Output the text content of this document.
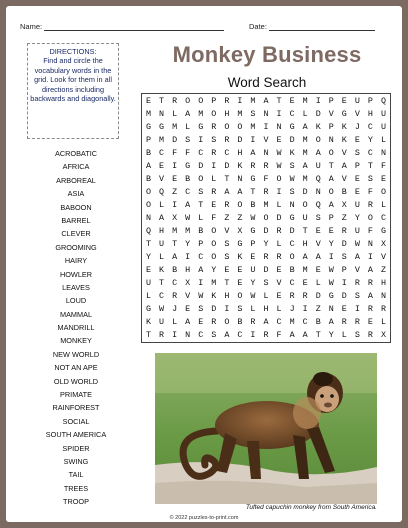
Name:	Date:
DIRECTIONS:
Find and circle the vocabulary words in the grid. Look for them in all directions including backwards and diagonally.
Monkey Business
Word Search
ACROBATIC
AFRICA
ARBOREAL
ASIA
BABOON
BARREL
CLEVER
GROOMING
HAIRY
HOWLER
LEAVES
LOUD
MAMMAL
MANDRILL
MONKEY
NEW WORLD
NOT AN APE
OLD WORLD
PRIMATE
RAINFOREST
SOCIAL
SOUTH AMERICA
SPIDER
SWING
TAIL
TREES
TROOP
E T R O O P R I M A T E M I P E U P Q
M N L A M O H M S N I C L D V G V H U
G G M L G R O O M I N G A K P K J C U
P M D S I S R D I V E D M O N K E Y L
B C F F C R C H A N W K M A O V S C N
A E I G D I D K R R W S A U T A P T F
B V E B O L T N G F O W M Q A V E S E
O Q Z C S R A A T R I S D N O B E F O
O L I A T E R O B M L N O Q A X U R L
N A X W L F Z Z W O D G U S P Z Y O C
Q H M M B O V X G D R D T E E R U F G
T U T Y P O S G P Y L C H V Y D W N X
Y L A I C O S K E R R O A A I S A I V
E K B H A Y E E U D E B M E W P V A Z
U T C X I M T E Y S V C E L W I R R H
L C R V W K H O W L E R R D G D S A N
G W J E S D I S L H L J I Z N E I R R
K U L A E R O B R A C M C B A R R E L
T R I N C S A C I R F A A T Y L S R X
Tufted capuchin monkey from South America.
© 2022 puzzles-to-print.com
